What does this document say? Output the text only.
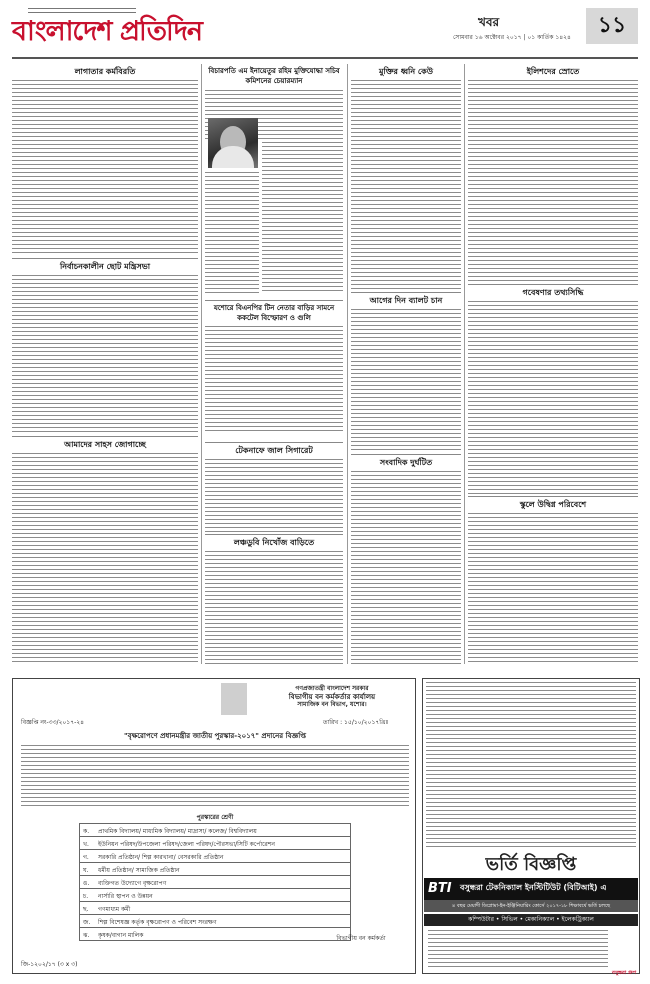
বাংলাদেশ প্রতিদিন	খবর
সোমবার ১৬ অক্টোবর ২০১৭ | ০১ কার্তিক ১৪২৪	১১
লাগাতার কর্মবিরতি
নির্বাচনকালীন ছোট মন্ত্রিসভা
আমাদের সাহস জোগাচ্ছে
বিচারপতি এম ইনায়েতুর রহিম মুক্তিযোদ্ধা সচিব কমিশনের চেয়ারম্যান
যশোরে বিএনপির টিন নেতার বাড়ির সামনে ককটেল বিস্ফোরণ ও গুলি
টেকনাফে জাল সিগারেট
লঞ্চডুবি নিখোঁজ বাড়িতে
মুক্তির ধ্বনি কেউ
আগের দিন ব্যালট চান
সংবাদিক দুর্ঘটিত
ইলিশদের স্রোতে
গবেষণার তথ্যসিদ্ধি
স্কুলে উদ্বিগ্ন পরিবেশে
গণপ্রজাতন্ত্রী বাংলাদেশ সরকার
বিভাগীয় বন কর্মকর্তার কার্যালয়
সামাজিক বন বিভাগ, যশোর।
বিজ্ঞপ্তি নং-৩৩/২০১৭-২৪	তারিখ : ১৫/১০/২০১৭খ্রিঃ
"বৃক্ষরোপণে প্রধানমন্ত্রীর জাতীয় পুরস্কার-২০১৭" প্রদানের বিজ্ঞপ্তি
পুরস্কারের শ্রেণী
ক. প্রাথমিক বিদ্যালয়/ মাধ্যমিক বিদ্যালয়/ মাদ্রাসা/ কলেজ/ বিশ্ববিদ্যালয়
খ. ইউনিয়ন পরিষদ/উপজেলা পরিষদ/জেলা পরিষদ/পৌরসভা/সিটি কর্পোরেশন
গ. সরকারি প্রতিষ্ঠান/ শিল্প কারখানা/ বেসরকারি প্রতিষ্ঠান
ঘ. ধর্মীয় প্রতিষ্ঠান/ সামাজিক প্রতিষ্ঠান
ঙ. ব্যক্তিগত উদ্যোগে বৃক্ষরোপণ
চ. নার্সারি স্থাপন ও উন্নয়ন
ছ. গণমাধ্যম কর্মী
জ. শিল্প বিশেষজ্ঞ কর্তৃক বৃক্ষরোপণ ও পরিবেশ সংরক্ষণ
ঝ. কৃষক/বাগান মালিক
জি-১২০২/১৭ (৩ x ৩)
বিভাগীয় বন কর্মকর্তা
ভর্তি বিজ্ঞপ্তি
BTI বসুন্ধরা টেকনিক্যাল ইনস্টিটিউট (বিটিআই) এ
৪ বছর মেয়াদী ডিপ্লোমা-ইন-ইঞ্জিনিয়ারিং কোর্সে ২০১৭-১৮ শিক্ষাবর্ষে ভর্তি চলছে
কম্পিউটার • সিভিল • মেকানিক্যাল • ইলেকট্রিক্যাল
বসুন্ধরা গ্রুপ
